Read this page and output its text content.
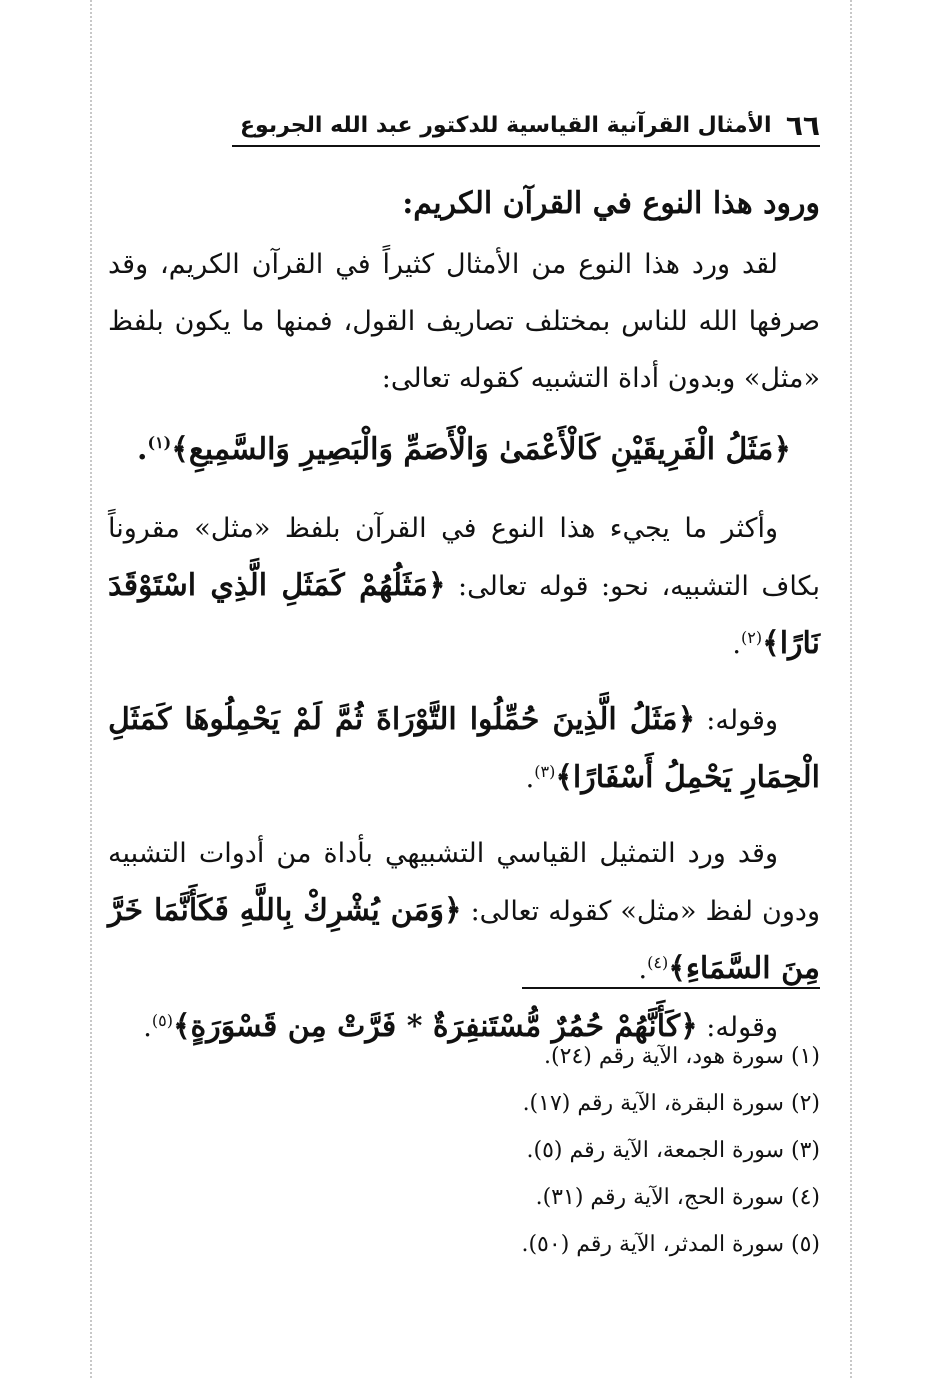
٦٦
الأمثال القرآنية القياسية للدكتور عبد الله الجربوع
ورود هذا النوع في القرآن الكريم:

لقد ورد هذا النوع من الأمثال كثيراً في القرآن الكريم، وقد صرفها الله للناس بمختلف تصاريف القول، فمنها ما يكون بلفظ «مثل» وبدون أداة التشبيه كقوله تعالى:

﴿مَثَلُ الْفَرِيقَيْنِ كَالْأَعْمَىٰ وَالْأَصَمِّ وَالْبَصِيرِ وَالسَّمِيعِ﴾$^{(١)}$.

وأكثر ما يجيء هذا النوع في القرآن بلفظ «مثل» مقروناً بكاف التشبيه، نحو: قوله تعالى: ﴿مَثَلُهُمْ كَمَثَلِ الَّذِي اسْتَوْقَدَ نَارًا﴾$^{(٢)}$.

وقوله: ﴿مَثَلُ الَّذِينَ حُمِّلُوا التَّوْرَاةَ ثُمَّ لَمْ يَحْمِلُوهَا كَمَثَلِ الْحِمَارِ يَحْمِلُ أَسْفَارًا﴾$^{(٣)}$.

وقد ورد التمثيل القياسي التشبيهي بأداة من أدوات التشبيه ودون لفظ «مثل» كقوله تعالى: ﴿وَمَن يُشْرِكْ بِاللَّهِ فَكَأَنَّمَا خَرَّ مِنَ السَّمَاءِ﴾$^{(٤)}$.

وقوله: ﴿كَأَنَّهُمْ حُمُرٌ مُّسْتَنفِرَةٌ * فَرَّتْ مِن قَسْوَرَةٍ﴾$^{(٥)}$.

(١) سورة هود، الآية رقم (٢٤).
(٢) سورة البقرة، الآية رقم (١٧).
(٣) سورة الجمعة، الآية رقم (٥).
(٤) سورة الحج، الآية رقم (٣١).
(٥) سورة المدثر، الآية رقم (٥٠).
